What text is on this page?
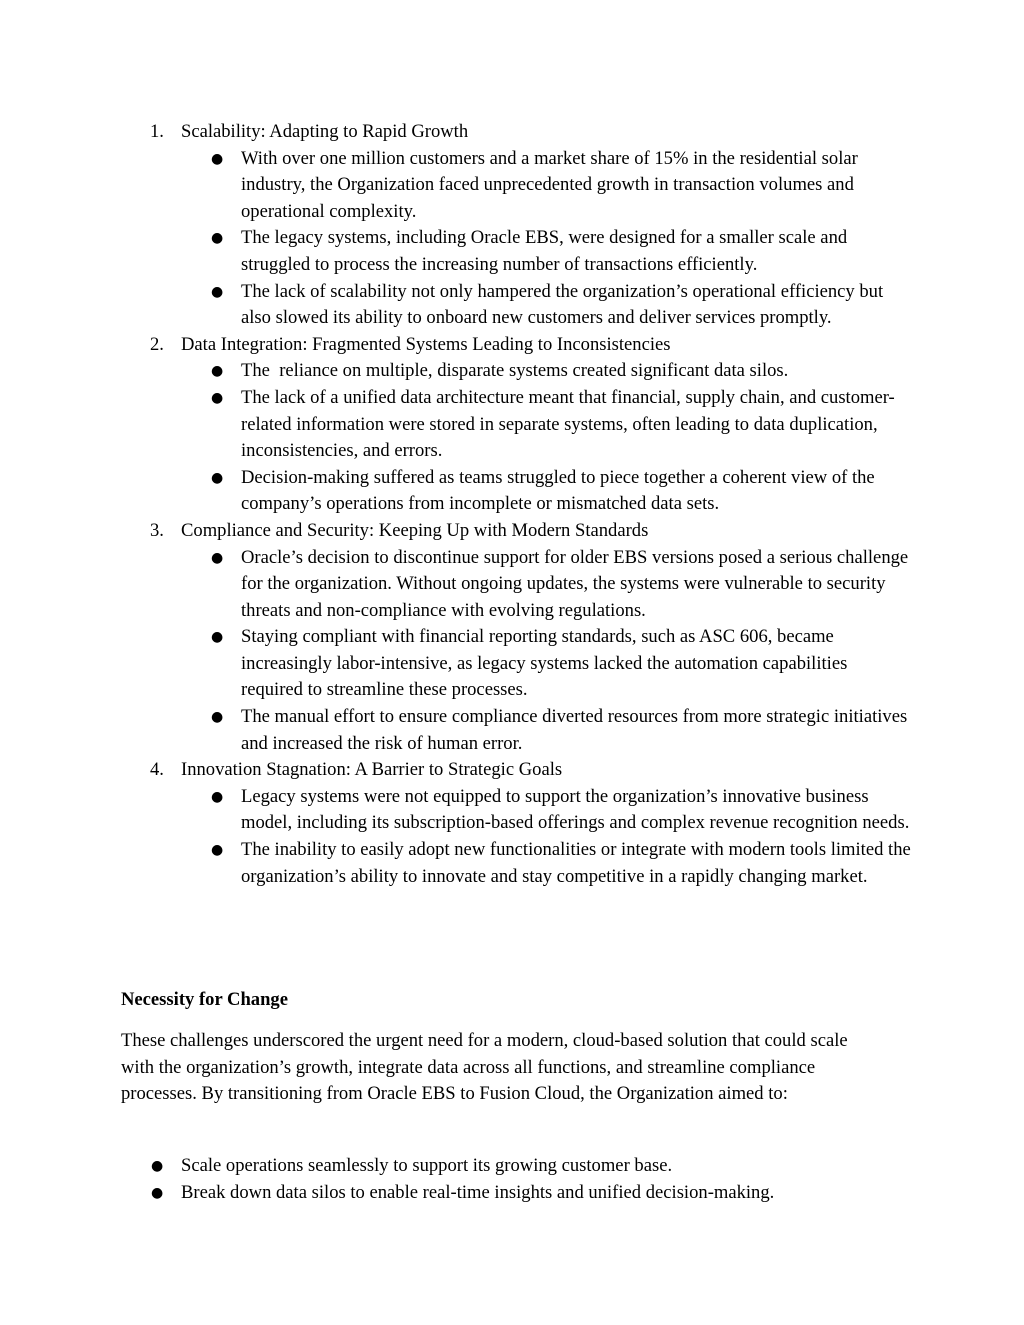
1. Scalability: Adapting to Rapid Growth
● With over one million customers and a market share of 15% in the residential solar industry, the Organization faced unprecedented growth in transaction volumes and operational complexity.
● The legacy systems, including Oracle EBS, were designed for a smaller scale and struggled to process the increasing number of transactions efficiently.
● The lack of scalability not only hampered the organization’s operational efficiency but also slowed its ability to onboard new customers and deliver services promptly.
2. Data Integration: Fragmented Systems Leading to Inconsistencies
● The  reliance on multiple, disparate systems created significant data silos.
● The lack of a unified data architecture meant that financial, supply chain, and customer-related information were stored in separate systems, often leading to data duplication, inconsistencies, and errors.
● Decision-making suffered as teams struggled to piece together a coherent view of the company’s operations from incomplete or mismatched data sets.
3. Compliance and Security: Keeping Up with Modern Standards
● Oracle’s decision to discontinue support for older EBS versions posed a serious challenge for the organization. Without ongoing updates, the systems were vulnerable to security threats and non-compliance with evolving regulations.
● Staying compliant with financial reporting standards, such as ASC 606, became increasingly labor-intensive, as legacy systems lacked the automation capabilities required to streamline these processes.
● The manual effort to ensure compliance diverted resources from more strategic initiatives and increased the risk of human error.
4. Innovation Stagnation: A Barrier to Strategic Goals
● Legacy systems were not equipped to support the organization’s innovative business model, including its subscription-based offerings and complex revenue recognition needs.
● The inability to easily adopt new functionalities or integrate with modern tools limited the organization’s ability to innovate and stay competitive in a rapidly changing market.

Necessity for Change

These challenges underscored the urgent need for a modern, cloud-based solution that could scale with the organization’s growth, integrate data across all functions, and streamline compliance processes. By transitioning from Oracle EBS to Fusion Cloud, the Organization aimed to:

● Scale operations seamlessly to support its growing customer base.
● Break down data silos to enable real-time insights and unified decision-making.
